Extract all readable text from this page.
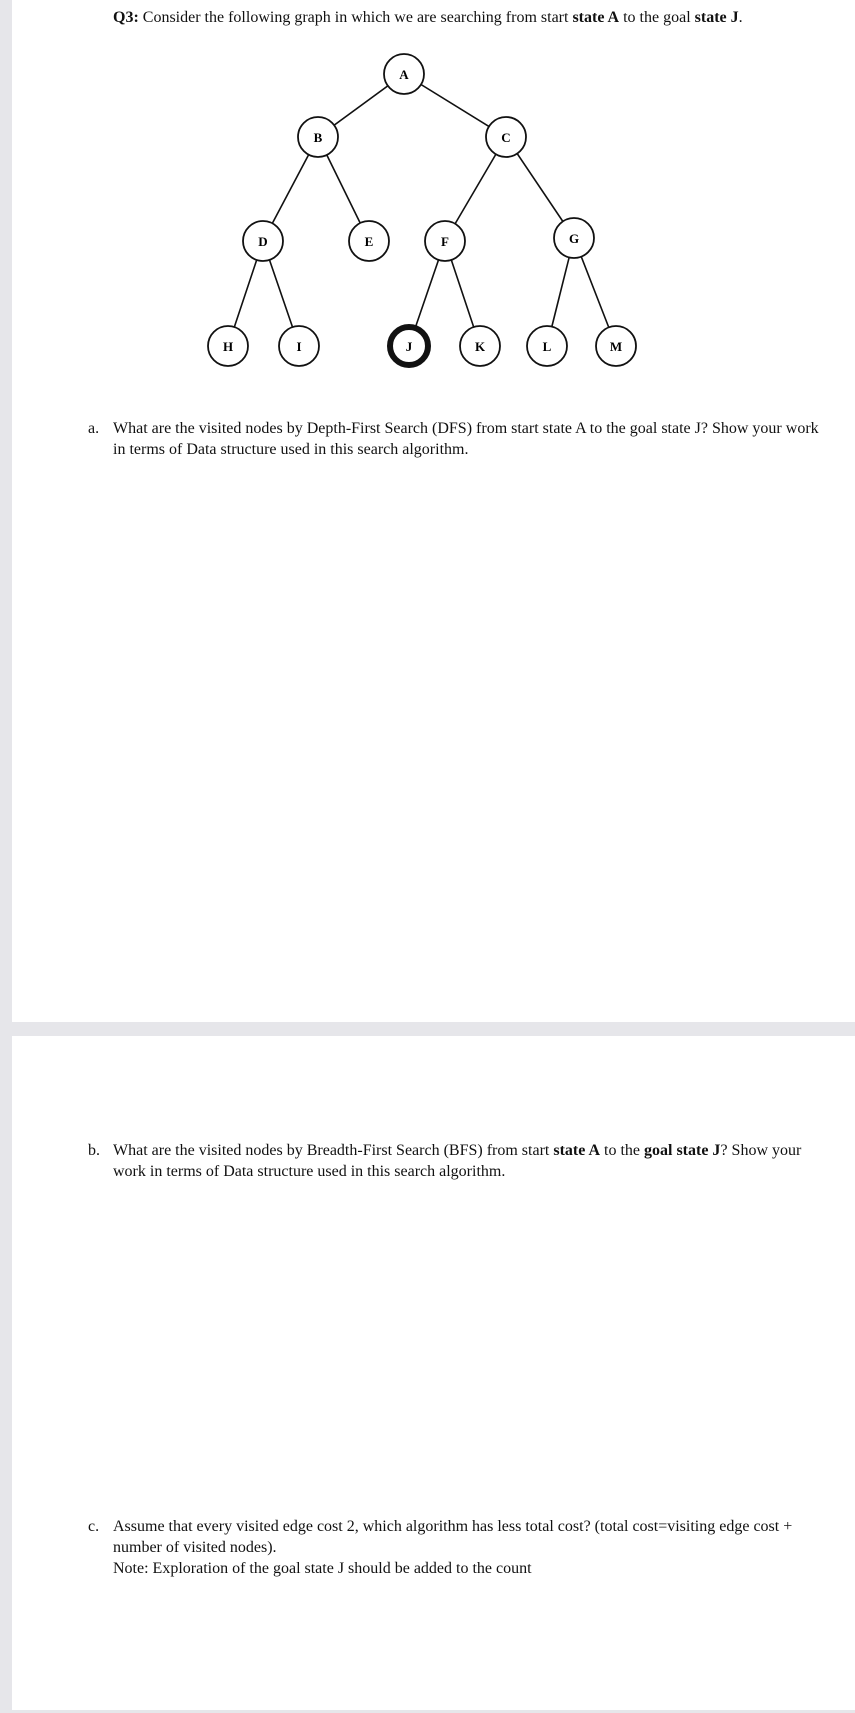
Q3: Consider the following graph in which we are searching from start state A to the goal state J.
A
B	C
D	E	F	G
H	I	J	K	L	M
a. What are the visited nodes by Depth-First Search (DFS) from start state A to the goal state J? Show your work in terms of Data structure used in this search algorithm.
b. What are the visited nodes by Breadth-First Search (BFS) from start state A to the goal state J? Show your work in terms of Data structure used in this search algorithm.
c. Assume that every visited edge cost 2, which algorithm has less total cost? (total cost=visiting edge cost + number of visited nodes).
Note: Exploration of the goal state J should be added to the count
